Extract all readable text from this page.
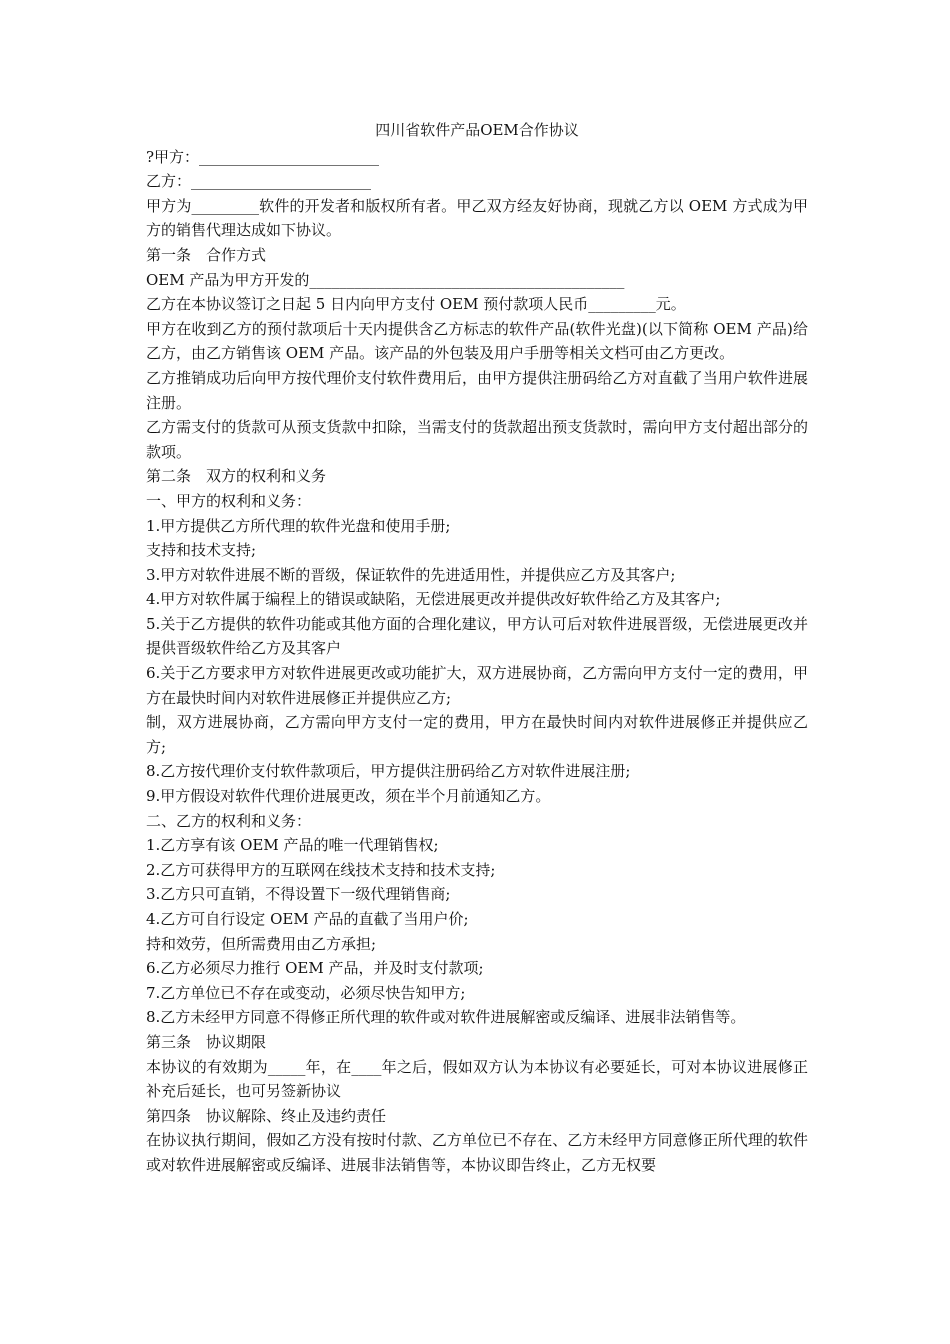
四川省软件产品OEM合作协议

?甲方：________________________

乙方：________________________

甲方为_________软件的开发者和版权所有者。甲乙双方经友好协商，现就乙方以 OEM 方式成为甲方的销售代理达成如下协议。

第一条　合作方式

OEM 产品为甲方开发的__________________________________________

乙方在本协议签订之日起 5 日内向甲方支付 OEM 预付款项人民币_________元。

甲方在收到乙方的预付款项后十天内提供含乙方标志的软件产品(软件光盘)(以下简称 OEM 产品)给乙方，由乙方销售该 OEM 产品。该产品的外包装及用户手册等相关文档可由乙方更改。

乙方推销成功后向甲方按代理价支付软件费用后，由甲方提供注册码给乙方对直截了当用户软件进展注册。

乙方需支付的货款可从预支货款中扣除，当需支付的货款超出预支货款时，需向甲方支付超出部分的款项。

第二条　双方的权利和义务

一、甲方的权利和义务：

1.甲方提供乙方所代理的软件光盘和使用手册;

支持和技术支持;

3.甲方对软件进展不断的晋级，保证软件的先进适用性，并提供应乙方及其客户;

4.甲方对软件属于编程上的错误或缺陷，无偿进展更改并提供改好软件给乙方及其客户;

5.关于乙方提供的软件功能或其他方面的合理化建议，甲方认可后对软件进展晋级，无偿进展更改并提供晋级软件给乙方及其客户

6.关于乙方要求甲方对软件进展更改或功能扩大，双方进展协商，乙方需向甲方支付一定的费用，甲方在最快时间内对软件进展修正并提供应乙方;

制，双方进展协商，乙方需向甲方支付一定的费用，甲方在最快时间内对软件进展修正并提供应乙方;

8.乙方按代理价支付软件款项后，甲方提供注册码给乙方对软件进展注册;

9.甲方假设对软件代理价进展更改，须在半个月前通知乙方。

二、乙方的权利和义务：

1.乙方享有该 OEM 产品的唯一代理销售权;

2.乙方可获得甲方的互联网在线技术支持和技术支持;

3.乙方只可直销，不得设置下一级代理销售商;

4.乙方可自行设定 OEM 产品的直截了当用户价;

持和效劳，但所需费用由乙方承担;

6.乙方必须尽力推行 OEM 产品，并及时支付款项;

7.乙方单位已不存在或变动，必须尽快告知甲方;

8.乙方未经甲方同意不得修正所代理的软件或对软件进展解密或反编译、进展非法销售等。

第三条　协议期限

本协议的有效期为_____年，在____年之后，假如双方认为本协议有必要延长，可对本协议进展修正补充后延长，也可另签新协议

第四条　协议解除、终止及违约责任

在协议执行期间，假如乙方没有按时付款、乙方单位已不存在、乙方未经甲方同意修正所代理的软件或对软件进展解密或反编译、进展非法销售等，本协议即告终止，乙方无权要
